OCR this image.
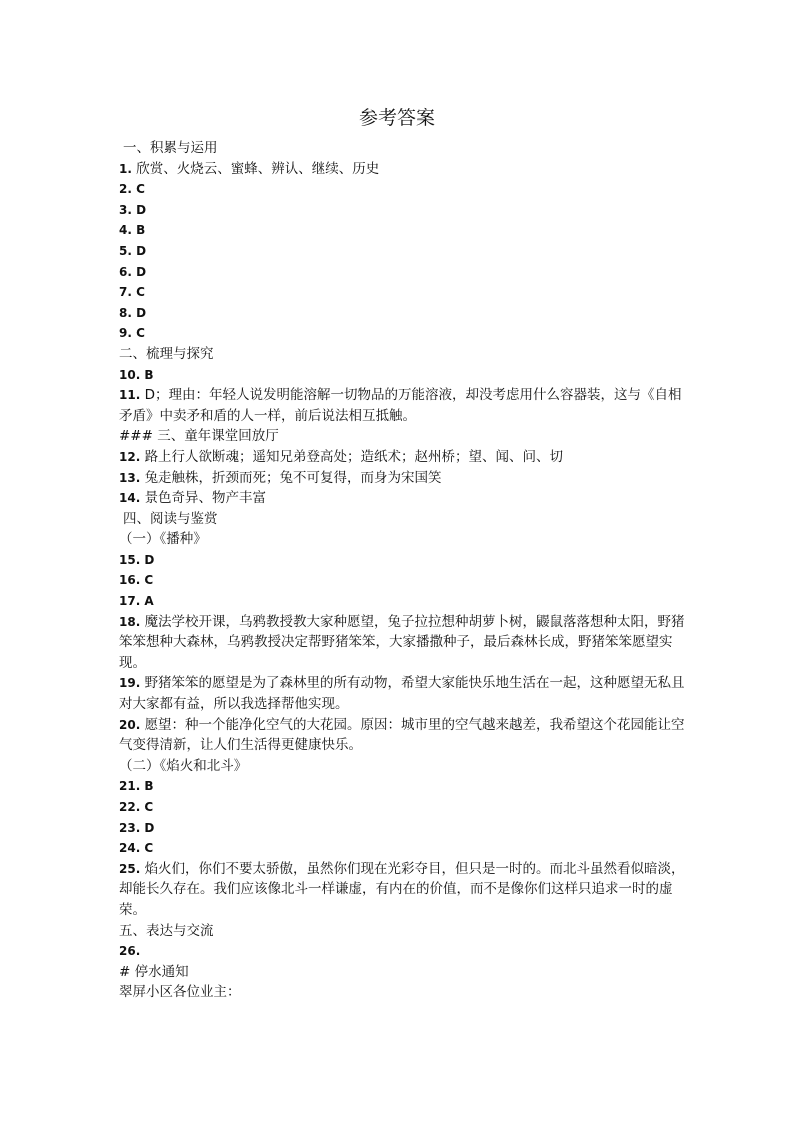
参考答案
一、积累与运用
1. 欣赏、火烧云、蜜蜂、辨认、继续、历史
2. C
3. D
4. B
5. D
6. D
7. C
8. D
9. C
二、梳理与探究
10. B
11. D；理由：年轻人说发明能溶解一切物品的万能溶液，却没考虑用什么容器装，这与《自相矛盾》中卖矛和盾的人一样，前后说法相互抵触。
### 三、童年课堂回放厅
12. 路上行人欲断魂；遥知兄弟登高处；造纸术；赵州桥；望、闻、问、切
13. 兔走触株，折颈而死；兔不可复得，而身为宋国笑
14. 景色奇异、物产丰富
四、阅读与鉴赏
（一）《播种》
15. D
16. C
17. A
18. 魔法学校开课，乌鸦教授教大家种愿望，兔子拉拉想种胡萝卜树，鼹鼠落落想种太阳，野猪笨笨想种大森林，乌鸦教授决定帮野猪笨笨，大家播撒种子，最后森林长成，野猪笨笨愿望实现。
19. 野猪笨笨的愿望是为了森林里的所有动物，希望大家能快乐地生活在一起，这种愿望无私且对大家都有益，所以我选择帮他实现。
20. 愿望：种一个能净化空气的大花园。原因：城市里的空气越来越差，我希望这个花园能让空气变得清新，让人们生活得更健康快乐。
（二）《焰火和北斗》
21. B
22. C
23. D
24. C
25. 焰火们，你们不要太骄傲，虽然你们现在光彩夺目，但只是一时的。而北斗虽然看似暗淡，却能长久存在。我们应该像北斗一样谦虚，有内在的价值，而不是像你们这样只追求一时的虚荣。
五、表达与交流
26.
# 停水通知
翠屏小区各位业主：
